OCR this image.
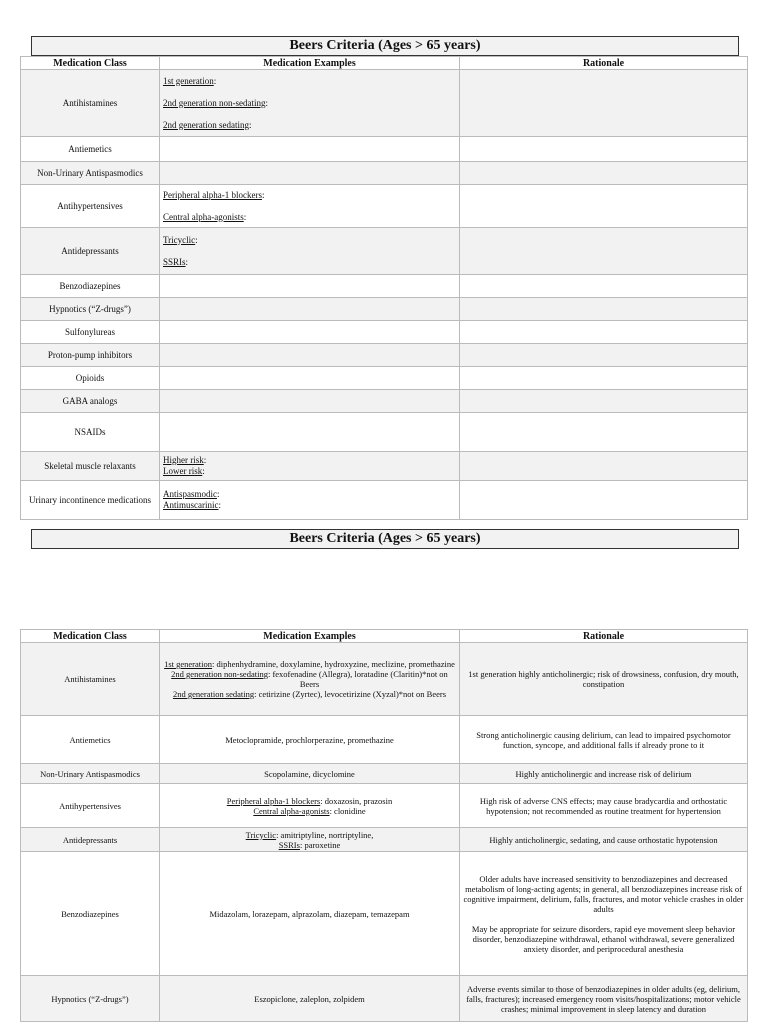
Beers Criteria (Ages > 65 years)
Medication Class	Medication Examples	Rationale
Antihistamines	1st generation:
2nd generation non-sedating:
2nd generation sedating:	

Antiemetics		
Non-Urinary Antispasmodics		
Antihypertensives	Peripheral alpha-1 blockers:
Central alpha-agonists:	

Antidepressants	Tricyclic:
SSRIs:	

Benzodiazepines		
Hypnotics (“Z-drugs”)		
Sulfonylureas		
Proton-pump inhibitors		
Opioids		
GABA analogs		
NSAIDs		
Skeletal muscle relaxants	Higher risk:
Lower risk:	

Urinary incontinence medications	Antispasmodic:
Antimuscarinic:	

Beers Criteria (Ages > 65 years)
Medication Class	Medication Examples	Rationale
Antihistamines	1st generation: diphenhydramine, doxylamine, hydroxyzine, meclizine, promethazine
2nd generation non-sedating: fexofenadine (Allegra), loratadine (Claritin)*not on Beers
2nd generation sedating: cetirizine (Zyrtec), levocetirizine (Xyzal)*not on Beers	1st generation highly anticholinergic; risk of drowsiness, confusion, dry mouth, constipation

Antiemetics	Metoclopramide, prochlorperazine, promethazine	Strong anticholinergic causing delirium, can lead to impaired psychomotor function, syncope, and additional falls if already prone to it

Non-Urinary Antispasmodics	Scopolamine, dicyclomine	Highly anticholinergic and increase risk of delirium

Antihypertensives	Peripheral alpha-1 blockers: doxazosin, prazosin
Central alpha-agonists: clonidine	High risk of adverse CNS effects; may cause bradycardia and orthostatic hypotension; not recommended as routine treatment for hypertension

Antidepressants	Tricyclic: amitriptyline, nortriptyline,
SSRIs: paroxetine	Highly anticholinergic, sedating, and cause orthostatic hypotension

Benzodiazepines	Midazolam, lorazepam, alprazolam, diazepam, temazepam	Older adults have increased sensitivity to benzodiazepines and decreased metabolism of long-acting agents; in general, all benzodiazepines increase risk of cognitive impairment, delirium, falls, fractures, and motor vehicle crashes in older adults
May be appropriate for seizure disorders, rapid eye movement sleep behavior disorder, benzodiazepine withdrawal, ethanol withdrawal, severe generalized anxiety disorder, and periprocedural anesthesia

Hypnotics (“Z-drugs”)	Eszopiclone, zaleplon, zolpidem	Adverse events similar to those of benzodiazepines in older adults (eg, delirium, falls, fractures); increased emergency room visits/hospitalizations; motor vehicle crashes; minimal improvement in sleep latency and duration
